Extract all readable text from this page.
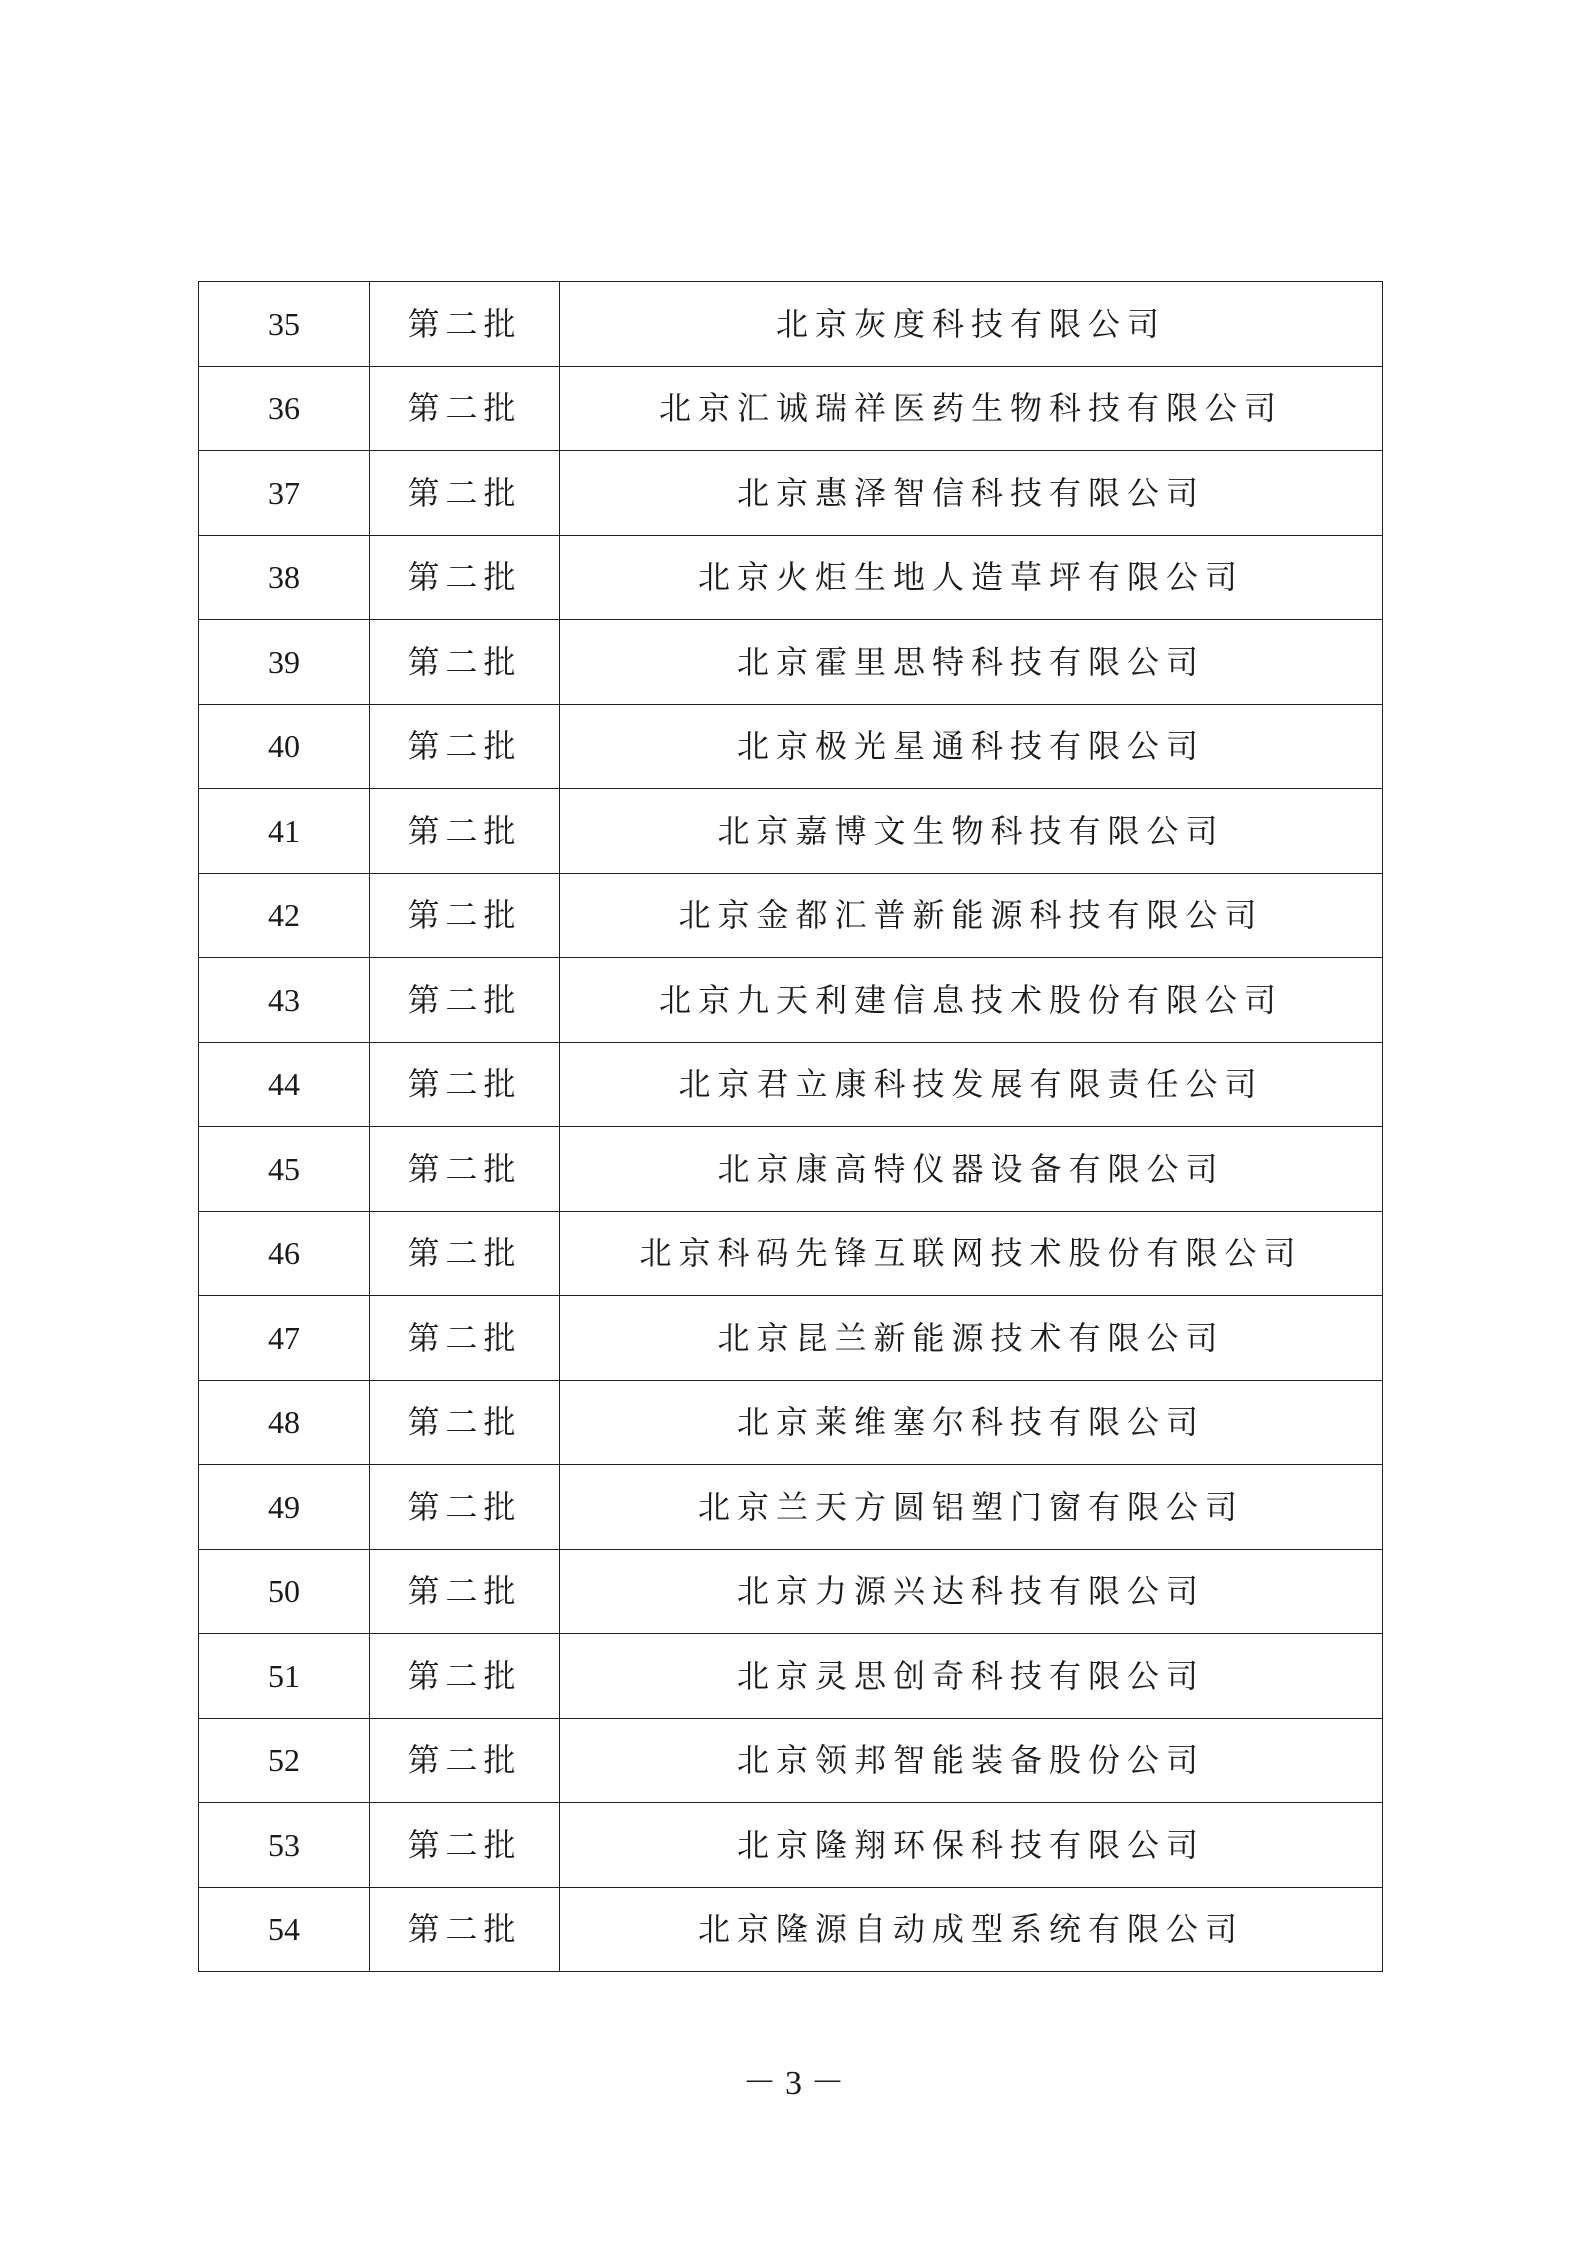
35	第二批	北京灰度科技有限公司
36	第二批	北京汇诚瑞祥医药生物科技有限公司
37	第二批	北京惠泽智信科技有限公司
38	第二批	北京火炬生地人造草坪有限公司
39	第二批	北京霍里思特科技有限公司
40	第二批	北京极光星通科技有限公司
41	第二批	北京嘉博文生物科技有限公司
42	第二批	北京金都汇普新能源科技有限公司
43	第二批	北京九天利建信息技术股份有限公司
44	第二批	北京君立康科技发展有限责任公司
45	第二批	北京康高特仪器设备有限公司
46	第二批	北京科码先锋互联网技术股份有限公司
47	第二批	北京昆兰新能源技术有限公司
48	第二批	北京莱维塞尔科技有限公司
49	第二批	北京兰天方圆铝塑门窗有限公司
50	第二批	北京力源兴达科技有限公司
51	第二批	北京灵思创奇科技有限公司
52	第二批	北京领邦智能装备股份公司
53	第二批	北京隆翔环保科技有限公司
54	第二批	北京隆源自动成型系统有限公司
－ 3 －
